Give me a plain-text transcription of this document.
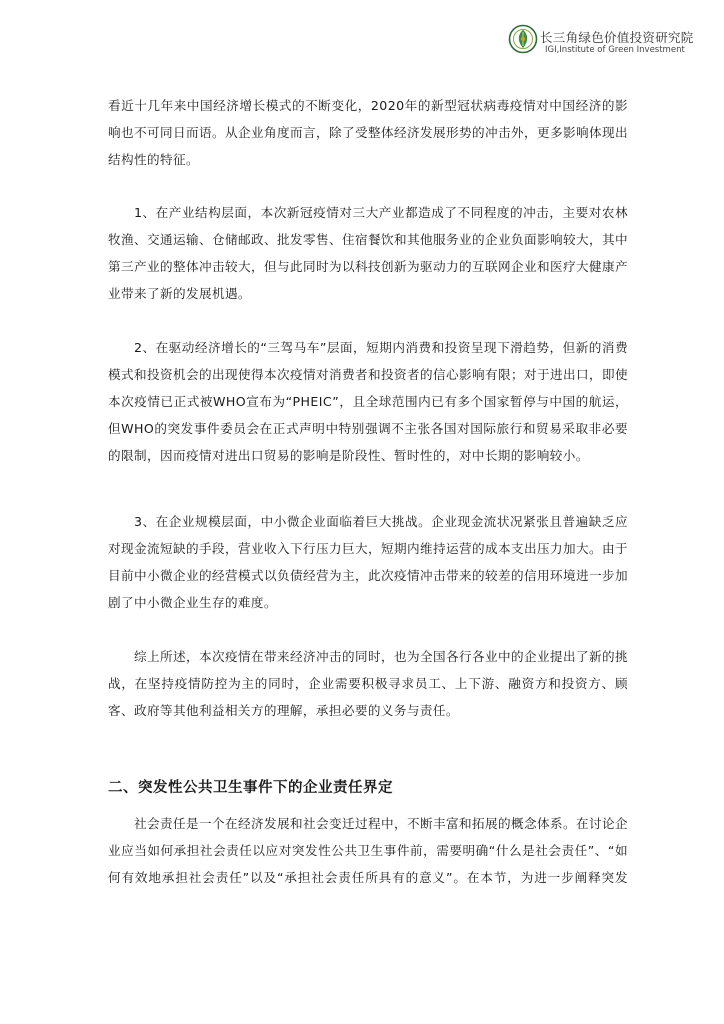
长三角绿色价值投资研究院
IGI,Institute of Green Investment

看近十几年来中国经济增长模式的不断变化，2020年的新型冠状病毒疫情对中国经济的影响也不可同日而语。从企业角度而言，除了受整体经济发展形势的冲击外，更多影响体现出结构性的特征。

1、在产业结构层面，本次新冠疫情对三大产业都造成了不同程度的冲击，主要对农林牧渔、交通运输、仓储邮政、批发零售、住宿餐饮和其他服务业的企业负面影响较大，其中第三产业的整体冲击较大，但与此同时为以科技创新为驱动力的互联网企业和医疗大健康产业带来了新的发展机遇。

2、在驱动经济增长的“三驾马车”层面，短期内消费和投资呈现下滑趋势，但新的消费模式和投资机会的出现使得本次疫情对消费者和投资者的信心影响有限；对于进出口，即使本次疫情已正式被WHO宣布为“PHEIC”，且全球范围内已有多个国家暂停与中国的航运，但WHO的突发事件委员会在正式声明中特别强调不主张各国对国际旅行和贸易采取非必要的限制，因而疫情对进出口贸易的影响是阶段性、暂时性的，对中长期的影响较小。

3、在企业规模层面，中小微企业面临着巨大挑战。企业现金流状况紧张且普遍缺乏应对现金流短缺的手段，营业收入下行压力巨大，短期内维持运营的成本支出压力加大。由于目前中小微企业的经营模式以负债经营为主，此次疫情冲击带来的较差的信用环境进一步加剧了中小微企业生存的难度。

综上所述，本次疫情在带来经济冲击的同时，也为全国各行各业中的企业提出了新的挑战，在坚持疫情防控为主的同时，企业需要积极寻求员工、上下游、融资方和投资方、顾客、政府等其他利益相关方的理解，承担必要的义务与责任。

二、突发性公共卫生事件下的企业责任界定

社会责任是一个在经济发展和社会变迁过程中，不断丰富和拓展的概念体系。在讨论企业应当如何承担社会责任以应对突发性公共卫生事件前，需要明确“什么是社会责任”、“如何有效地承担社会责任”以及“承担社会责任所具有的意义”。在本节，为进一步阐释突发
